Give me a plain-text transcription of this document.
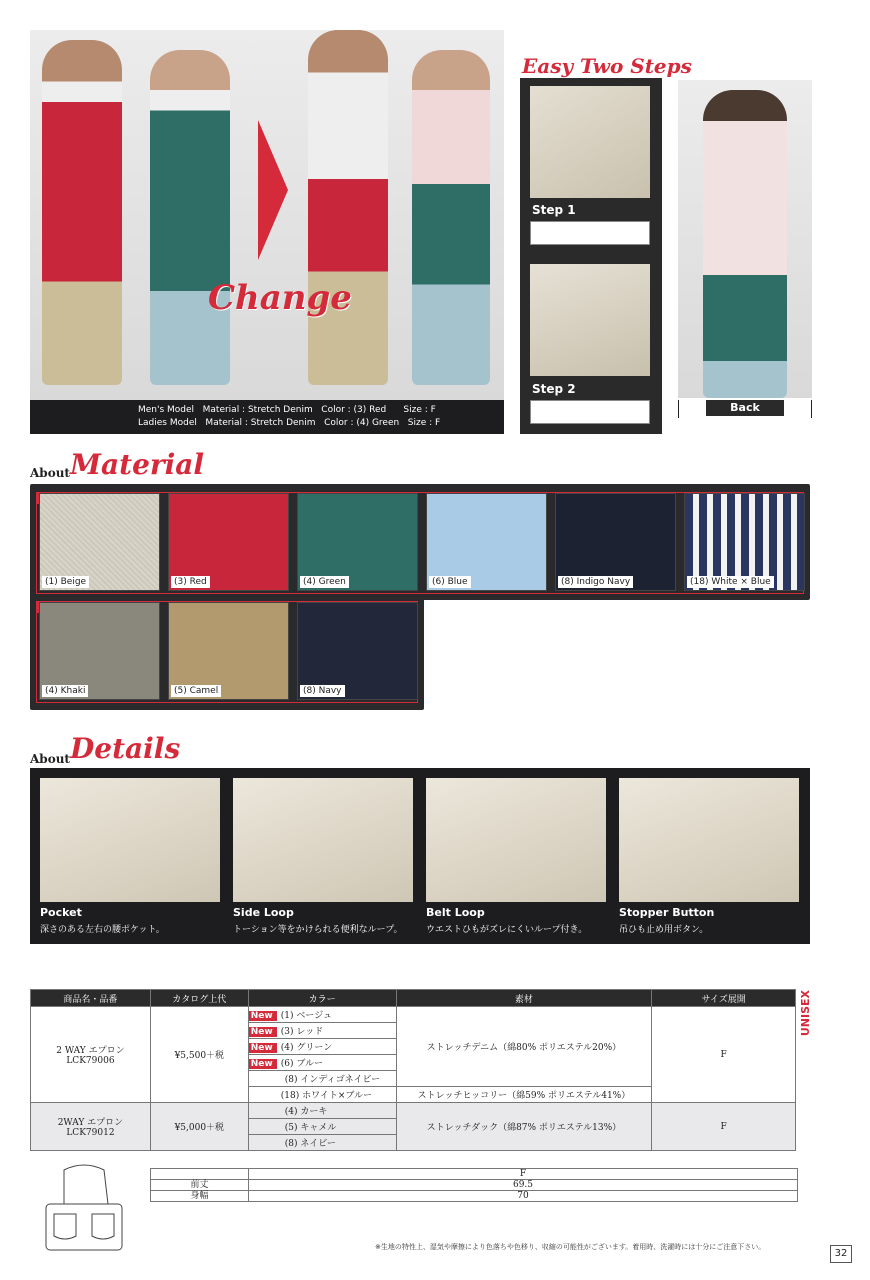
Change
Men's Model   Material : Stretch Denim   Color : (3) Red      Size : F
Ladies Model   Material : Stretch Denim   Color : (4) Green   Size : F
Easy Two Steps
Step 1
Step 2
Back
About Material
(1) Beige	(3) Red	(4) Green	(6) Blue	(8) Indigo Navy	(18) White × Blue
(4) Khaki	(5) Camel	(8) Navy
About Details
Pocket
深さのある左右の腰ポケット。
Side Loop
トーション等をかけられる便利なループ。
Belt Loop
ウエストひもがズレにくいループ付き。
Stopper Button
吊ひも止め用ボタン。
商品名・品番	カタログ上代	カラー	素材	サイズ展開

2 WAY エプロン
LCK79006	¥5,500＋税	New (1) ベージュ	ストレッチデニム（綿80% ポリエステル20%）	F
		New (3) レッド		
		New (4) グリーン		
		New (6) ブルー		
		(8) インディゴネイビー		
		(18) ホワイト×ブルー	ストレッチヒッコリー（綿59% ポリエステル41%）	

2WAY エプロン
LCK79012	¥5,000＋税	(4) カーキ	ストレッチダック（綿87% ポリエステル13%）	F
		(5) キャメル		
		(8) ネイビー		
UNISEX
	F
前丈	69.5
身幅	70
※生地の特性上、湿気や摩擦により色落ちや色移り、収縮の可能性がございます。着用時、洗濯時には十分にご注意下さい。
32
